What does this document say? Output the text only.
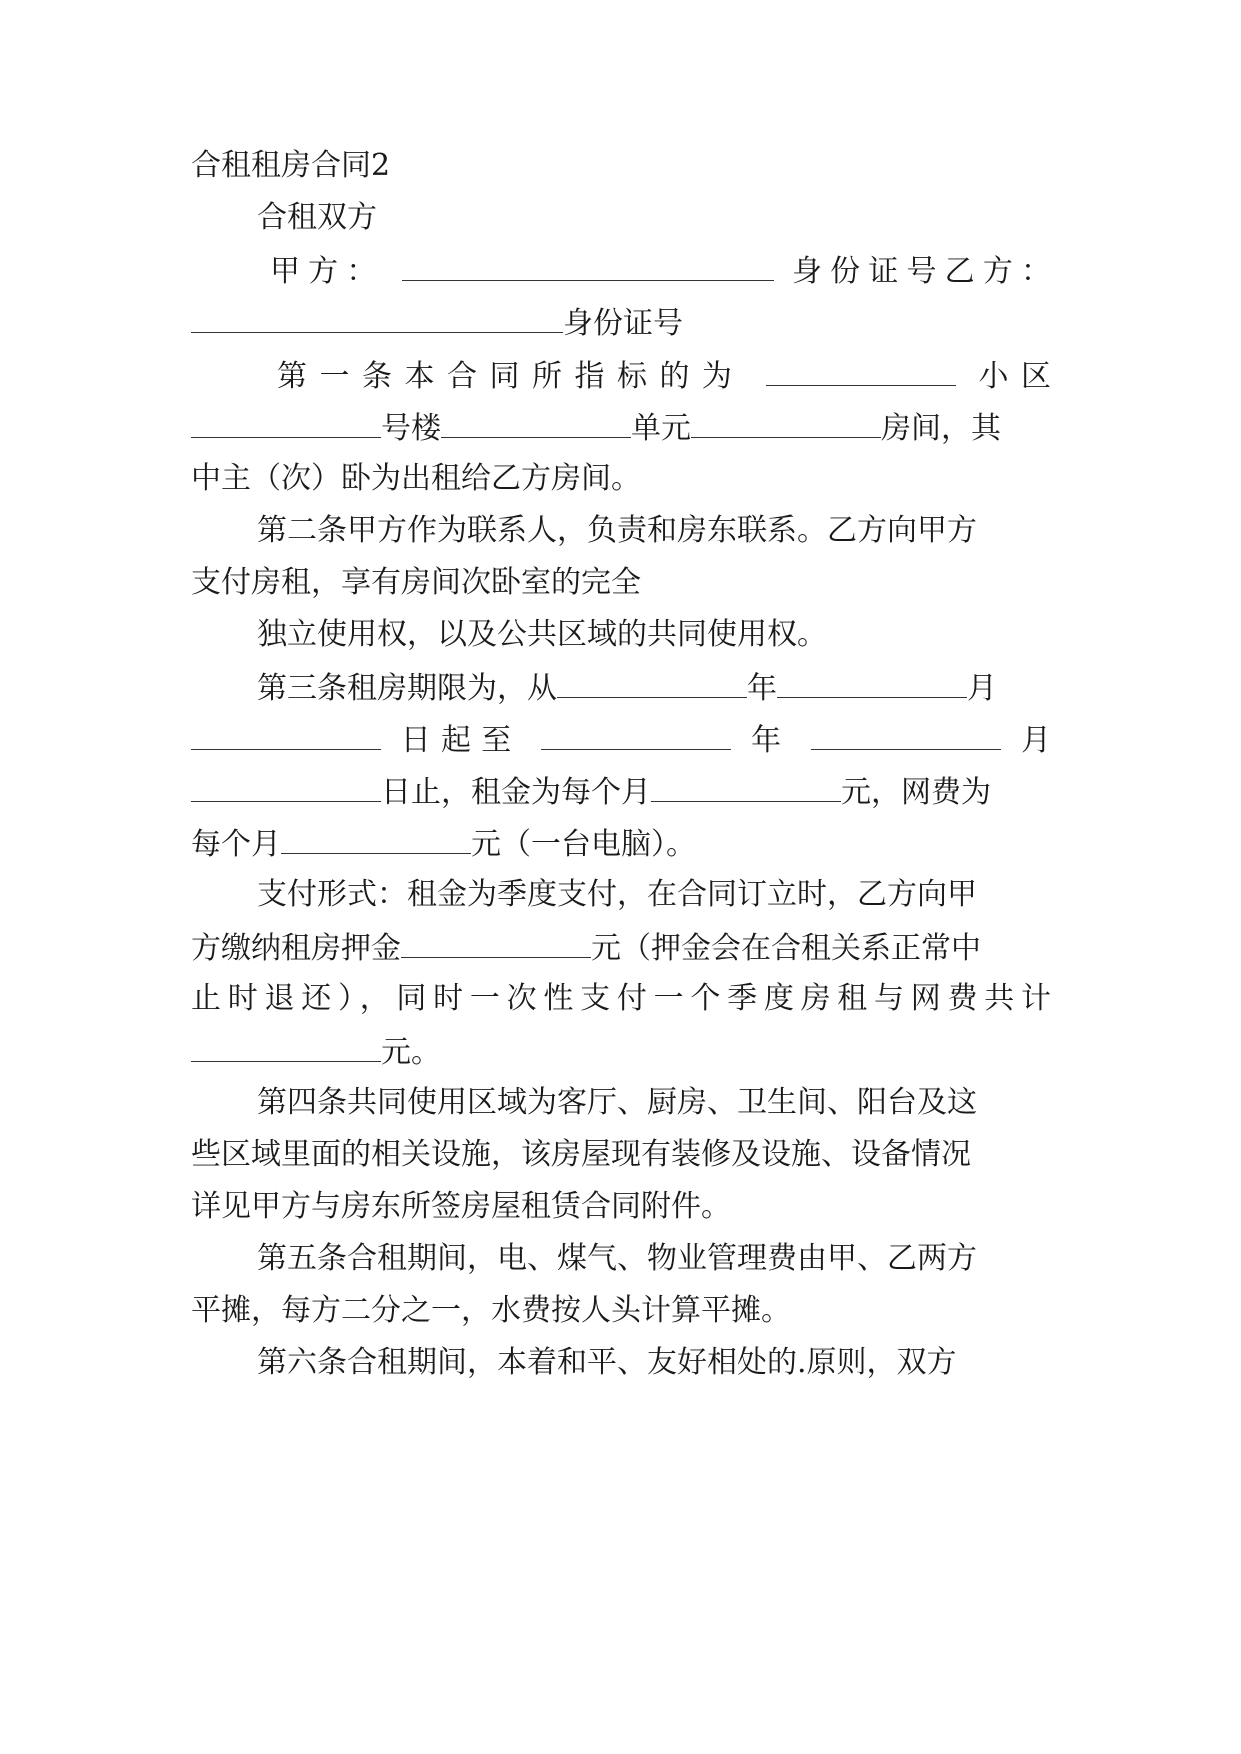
合租租房合同2
合租双方
甲方：	身份证号乙方：
身份证号
第一条本合同所指标的为	小区
号楼	单元	房间，其
中主（次）卧为出租给乙方房间。
第二条甲方作为联系人，负责和房东联系。乙方向甲方
支付房租，享有房间次卧室的完全
独立使用权，以及公共区域的共同使用权。
第三条租房期限为，从	年	月
日起至	年	月
日止，租金为每个月	元，网费为
每个月	元（一台电脑）。
支付形式：租金为季度支付，在合同订立时，乙方向甲
方缴纳租房押金	元（押金会在合租关系正常中
止时退还），同时一次性支付一个季度房租与网费共计
元。
第四条共同使用区域为客厅、厨房、卫生间、阳台及这
些区域里面的相关设施，该房屋现有装修及设施、设备情况
详见甲方与房东所签房屋租赁合同附件。
第五条合租期间，电、煤气、物业管理费由甲、乙两方
平摊，每方二分之一，水费按人头计算平摊。
第六条合租期间，本着和平、友好相处的.原则，双方
